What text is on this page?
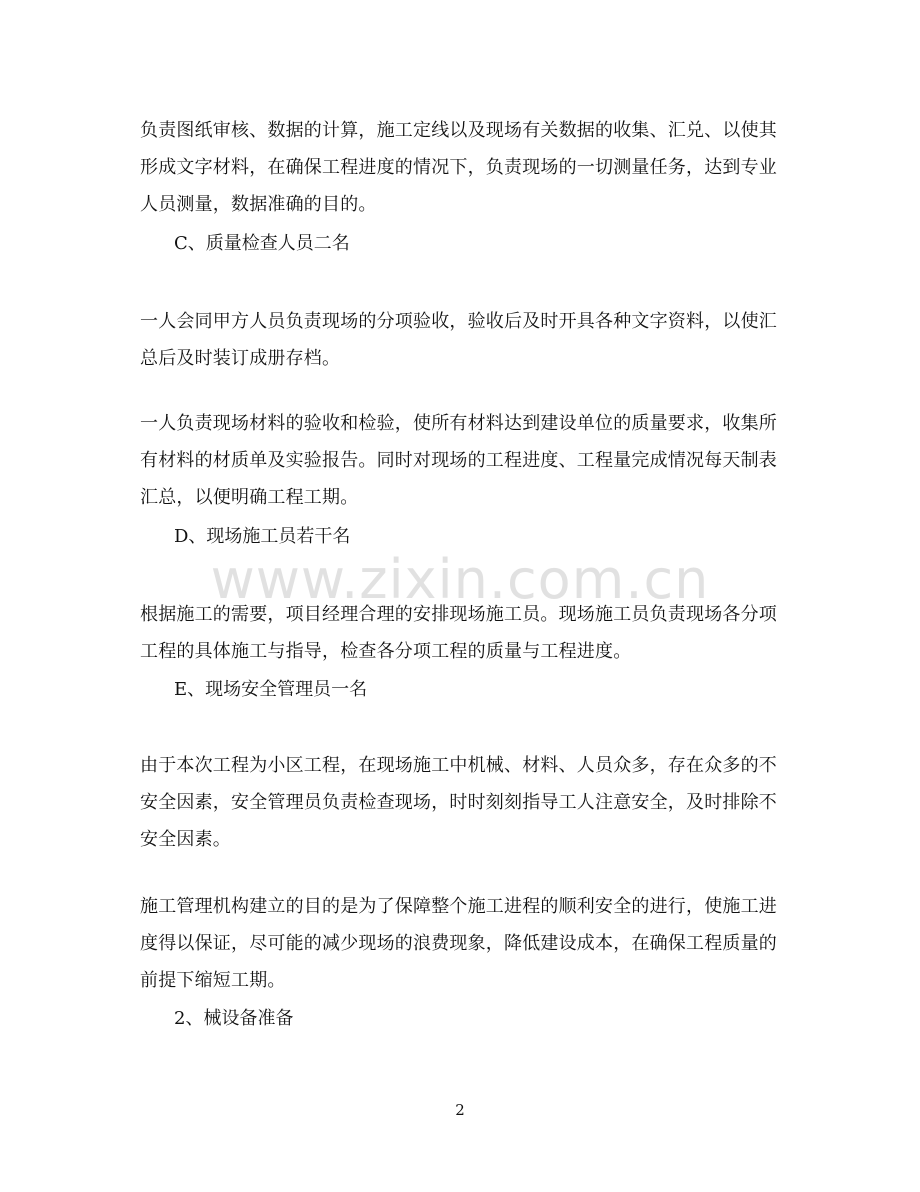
负责图纸审核、数据的计算，施工定线以及现场有关数据的收集、汇兑、以使其形成文字材料，在确保工程进度的情况下，负责现场的一切测量任务，达到专业人员测量，数据准确的目的。

C、质量检查人员二名

一人会同甲方人员负责现场的分项验收，验收后及时开具各种文字资料，以使汇总后及时装订成册存档。

一人负责现场材料的验收和检验，使所有材料达到建设单位的质量要求，收集所有材料的材质单及实验报告。同时对现场的工程进度、工程量完成情况每天制表汇总，以便明确工程工期。

D、现场施工员若干名

根据施工的需要，项目经理合理的安排现场施工员。现场施工员负责现场各分项工程的具体施工与指导，检查各分项工程的质量与工程进度。

E、现场安全管理员一名

由于本次工程为小区工程，在现场施工中机械、材料、人员众多，存在众多的不安全因素，安全管理员负责检查现场，时时刻刻指导工人注意安全，及时排除不安全因素。

施工管理机构建立的目的是为了保障整个施工进程的顺利安全的进行，使施工进度得以保证，尽可能的减少现场的浪费现象，降低建设成本，在确保工程质量的前提下缩短工期。

2、械设备准备

www.zixin.com.cn
2
